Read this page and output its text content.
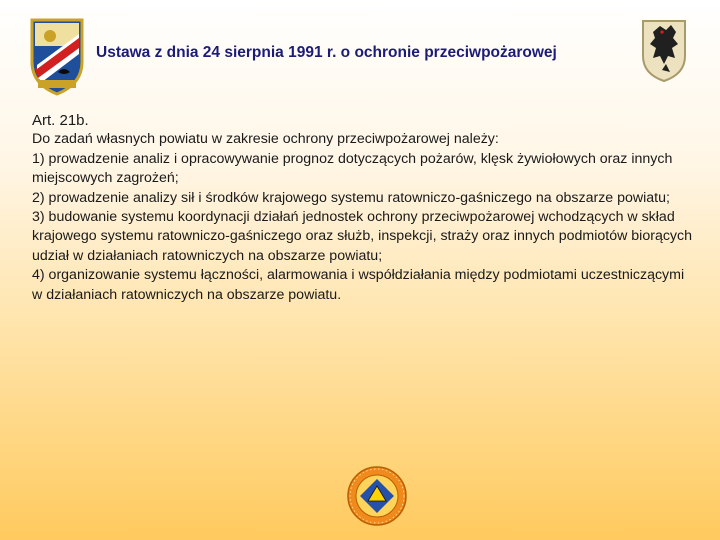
Ustawa z dnia 24 sierpnia 1991 r. o ochronie przeciwpożarowej

Art. 21b.

Do zadań własnych powiatu w zakresie ochrony przeciwpożarowej należy:

1) prowadzenie analiz i opracowywanie prognoz dotyczących pożarów, klęsk żywiołowych oraz innych miejscowych zagrożeń;

2) prowadzenie analizy sił i środków krajowego systemu ratowniczo-gaśniczego na obszarze powiatu;

3) budowanie systemu koordynacji działań jednostek ochrony przeciwpożarowej wchodzących w skład krajowego systemu ratowniczo-gaśniczego oraz służb, inspekcji, straży oraz innych podmiotów biorących udział w działaniach ratowniczych na obszarze powiatu;

4) organizowanie systemu łączności, alarmowania i współdziałania między podmiotami uczestniczącymi w działaniach ratowniczych na obszarze powiatu.
